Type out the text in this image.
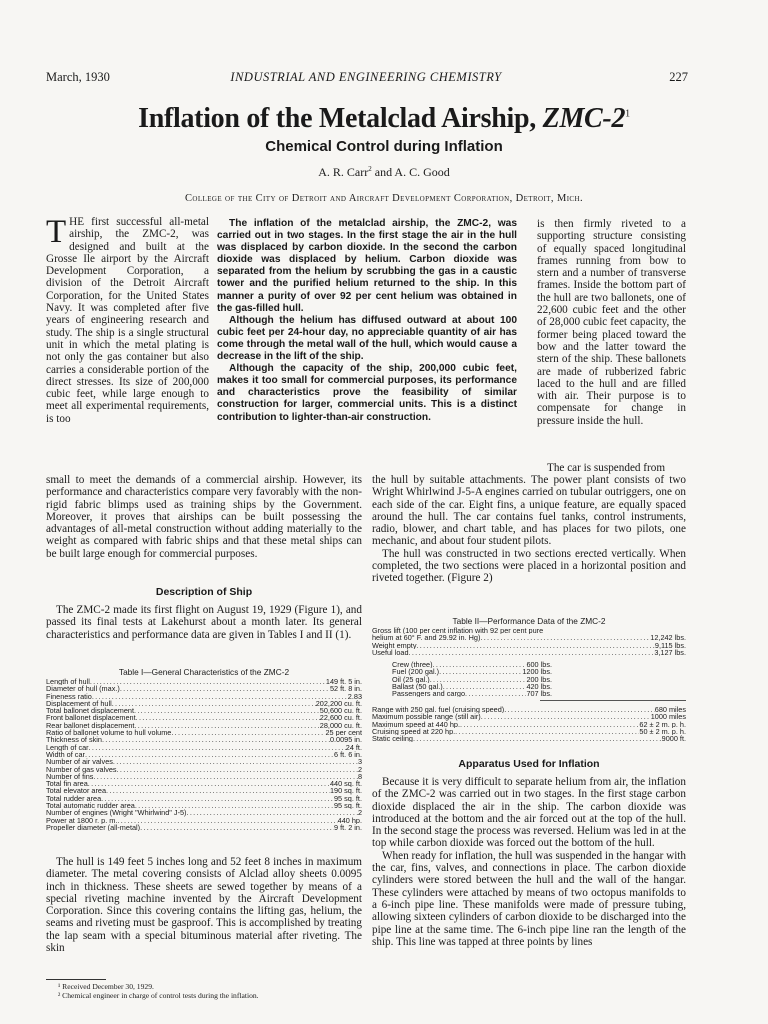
March, 1930	INDUSTRIAL AND ENGINEERING CHEMISTRY	227
Inflation of the Metalclad Airship, ZMC-$2^1$
Chemical Control during Inflation
A. R. Carr$^2$ and A. C. Good
College of the City of Detroit and Aircraft Development Corporation, Detroit, Mich.

THE first successful all-metal airship, the ZMC-2, was designed and built at the Grosse Ile airport by the Aircraft Development Corporation, a division of the Detroit Aircraft Corporation, for the United States Navy. It was completed after five years of engineering research and study. The ship is a single structural unit in which the metal plating is not only the gas container but also carries a considerable portion of the direct stresses. Its size of 200,000 cubic feet, while large enough to meet all experimental requirements, is too

The inflation of the metalclad airship, the ZMC-2, was carried out in two stages. In the first stage the air in the hull was displaced by carbon dioxide. In the second the carbon dioxide was displaced by helium. Carbon dioxide was separated from the helium by scrubbing the gas in a caustic tower and the purified helium returned to the ship. In this manner a purity of over 92 per cent helium was obtained in the gas-filled hull.

Although the helium has diffused outward at about 100 cubic feet per 24-hour day, no appreciable quantity of air has come through the metal wall of the hull, which would cause a decrease in the lift of the ship.

Although the capacity of the ship, 200,000 cubic feet, makes it too small for commercial purposes, its performance and characteristics prove the feasibility of similar construction for larger, commercial units. This is a distinct contribution to lighter-than-air construction.

is then firmly riveted to a supporting structure consisting of equally spaced longitudinal frames running from bow to stern and a number of transverse frames. Inside the bottom part of the hull are two ballonets, one of 22,600 cubic feet and the other of 28,000 cubic feet capacity, the former being placed toward the bow and the latter toward the stern of the ship. These ballonets are made of rubberized fabric laced to the hull and are filled with air. Their purpose is to compensate for change in pressure inside the hull.

The car is suspended from

small to meet the demands of a commercial airship. However, its performance and characteristics compare very favorably with the non-rigid fabric blimps used as training ships by the Government. Moreover, it proves that airships can be built possessing the advantages of all-metal construction without adding materially to the weight as compared with fabric ships and that these metal ships can be built large enough for commercial purposes.

Description of Ship

The ZMC-2 made its first flight on August 19, 1929 (Figure 1), and passed its final tests at Lakehurst about a month later. Its general characteristics and performance data are given in Tables I and II (1).

Table I—General Characteristics of the ZMC-2
Length of hull .....	149 ft. 5 in.
Diameter of hull (max.) .....	52 ft. 8 in.
Fineness ratio .....	2.83
Displacement of hull .....	202,200 cu. ft.
Total ballonet displacement .....	50,600 cu. ft.
Front ballonet displacement .....	22,600 cu. ft.
Rear ballonet displacement .....	28,000 cu. ft.
Ratio of ballonet volume to hull volume .....	25 per cent
Thickness of skin .....	0.0095 in.
Length of car .....	24 ft.
Width of car .....	6 ft. 6 in.
Number of air valves .....	3
Number of gas valves .....	2
Number of fins .....	8
Total fin area .....	440 sq. ft.
Total elevator area .....	190 sq. ft.
Total rudder area .....	95 sq. ft.
Total automatic rudder area .....	95 sq. ft.
Number of engines (Wright "Whirlwind" J-5) .....	2
Power at 1800 r. p. m. .....	440 hp.
Propeller diameter (all-metal) .....	9 ft. 2 in.

The hull is 149 feet 5 inches long and 52 feet 8 inches in maximum diameter. The metal covering consists of Alclad alloy sheets 0.0095 inch in thickness. These sheets are sewed together by means of a special riveting machine invented by the Aircraft Development Corporation. Since this covering contains the lifting gas, helium, the seams and riveting must be gasproof. This is accomplished by treating the lap seam with a special bituminous material after riveting. The skin

¹ Received December 30, 1929.
² Chemical engineer in charge of control tests during the inflation.

the hull by suitable attachments. The power plant consists of two Wright Whirlwind J-5-A engines carried on tubular outriggers, one on each side of the car. Eight fins, a unique feature, are equally spaced around the hull. The car contains fuel tanks, control instruments, radio, blower, and chart table, and has places for two pilots, one mechanic, and about four student pilots.

The hull was constructed in two sections erected vertically. When completed, the two sections were placed in a horizontal position and riveted together. (Figure 2)

Table II—Performance Data of the ZMC-2
Gross lift (100 per cent inflation with 92 per cent pure
helium at 60° F. and 29.92 in. Hg) .....	12,242 lbs.
Weight empty .....	9,115 lbs.
Useful load .....	3,127 lbs.
Crew (three) .....	600 lbs.
Fuel (200 gal.) .....	1200 lbs.
Oil (25 gal.) .....	200 lbs.
Ballast (50 gal.) .....	420 lbs.
Passengers and cargo .....	707 lbs.
Range with 250 gal. fuel (cruising speed) .....	680 miles
Maximum possible range (still air) .....	1000 miles
Maximum speed at 440 hp. .....	62 ± 2 m. p. h.
Cruising speed at 220 hp. .....	50 ± 2 m. p. h.
Static ceiling .....	9000 ft.
Apparatus Used for Inflation

Because it is very difficult to separate helium from air, the inflation of the ZMC-2 was carried out in two stages. In the first stage carbon dioxide displaced the air in the ship. The carbon dioxide was introduced at the bottom and the air forced out at the top of the hull. In the second stage the process was reversed. Helium was led in at the top while carbon dioxide was forced out the bottom of the hull.

When ready for inflation, the hull was suspended in the hangar with the car, fins, valves, and connections in place. The carbon dioxide cylinders were stored between the hull and the wall of the hangar. These cylinders were attached by means of two octopus manifolds to a 6-inch pipe line. These manifolds were made of pressure tubing, allowing sixteen cylinders of carbon dioxide to be discharged into the pipe line at the same time. The 6-inch pipe line ran the length of the ship. This line was tapped at three points by lines
